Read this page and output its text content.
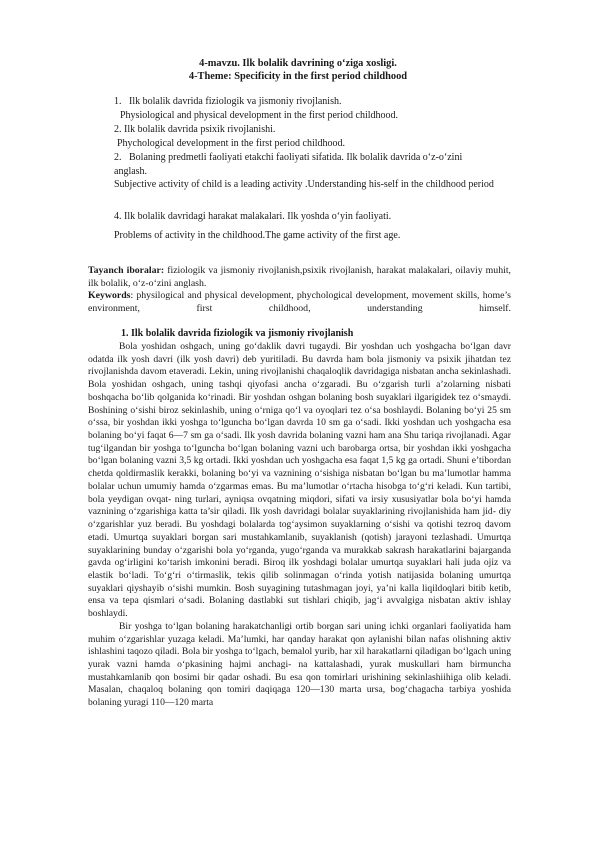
4-mavzu. Ilk bolalik davrining o‘ziga xosligi.
4-Theme: Specificity in the first period childhood
1. Ilk bolalik davrida fiziologik va jismoniy rivojlanish.
Physiological and physical development in the first period childhood.
2. Ilk bolalik davrida psixik rivojlanishi.
Phychological development in the first period childhood.
2. Bolaning predmetli faoliyati etakchi faoliyati sifatida. Ilk bolalik davrida o‘z-o‘zini anglash.
Subjective activity of child is a leading activity .Understanding his-self in the childhood period
4. Ilk bolalik davridagi harakat malakalari. Ilk yoshda o‘yin faoliyati.
Problems of activity in the childhood.The game activity of the first age.

Tayanch iboralar: fiziologik va jismoniy rivojlanish,psixik rivojlanish, harakat malakalari, oilaviy muhit, ilk bolalik, o‘z-o‘zini anglash.

Keywords: physilogical and physical development, phychological development, movement skills, home’s environment, first childhood, understanding himself.

1. Ilk bolalik davrida fiziologik va jismoniy rivojlanish

Bola yoshidan oshgach, uning go‘daklik davri tugaydi. Bir yoshdan uch yoshgacha bo‘lgan davr odatda ilk yosh davri (ilk yosh davri) deb yuritiladi. Bu davrda ham bola jismoniy va psixik jihatdan tez rivojlanishda davom etaveradi. Lekin, uning rivojlanishi chaqaloqlik davridagiga nisbatan ancha sekinlashadi. Bola yoshidan oshgach, uning tashqi qiyofasi ancha o‘zgaradi. Bu o‘zgarish turli a’zolarning nisbati boshqacha bo‘lib qolganida ko‘rinadi. Bir yoshdan oshgan bolaning bosh suyaklari ilgarigidek tez o‘smaydi. Boshining o‘sishi biroz sekinlashib, uning o‘rniga qo‘l va oyoqlari tez o‘sa boshlaydi. Bolaning bo‘yi 25 sm o‘ssa, bir yoshdan ikki yoshga to‘lguncha bo‘lgan davrda 10 sm ga o‘sadi. Ikki yoshdan uch yoshgacha esa bolaning bo‘yi faqat 6—7 sm ga o‘sadi. Ilk yosh davrida bolaning vazni ham ana Shu tariqa rivojlanadi. Agar tug‘ilgandan bir yoshga to‘lguncha bo‘lgan bolaning vazni uch barobarga ortsa, bir yoshdan ikki yoshgacha bo‘lgan bolaning vazni 3,5 kg ortadi. Ikki yoshdan uch yoshgacha esa faqat 1,5 kg ga ortadi. Shuni e’tibordan chetda qoldirmaslik kerakki, bolaning bo‘yi va vaznining o‘sishiga nisbatan bo‘lgan bu ma’lumotlar hamma bolalar uchun umumiy hamda o‘zgarmas emas. Bu ma’lumotlar o‘rtacha hisobga to‘g‘ri keladi. Kun tartibi, bola yeydigan ovqat- ning turlari, ayniqsa ovqatning miqdori, sifati va irsiy xususiyatlar bola bo‘yi hamda vaznining o‘zgarishiga katta ta’sir qiladi. Ilk yosh davridagi bolalar suyaklarining rivojlanishida ham jid- diy o‘zgarishlar yuz beradi. Bu yoshdagi bolalarda tog‘aysimon suyaklarning o‘sishi va qotishi tezroq davom etadi. Umurtqa suyaklari borgan sari mustahkamlanib, suyaklanish (qotish) jarayoni tezlashadi. Umurtqa suyaklarining bunday o‘zgarishi bola yo‘rganda, yugo‘rganda va murakkab sakrash harakatlarini bajarganda gavda og‘irligini ko‘tarish imkonini beradi. Biroq ilk yoshdagi bolalar umurtqa suyaklari hali juda ojiz va elastik bo‘ladi. To‘g‘ri o‘tirmaslik, tekis qilib solinmagan o‘rinda yotish natijasida bolaning umurtqa suyaklari qiyshayib o‘sishi mumkin. Bosh suyagining tutashmagan joyi, ya’ni kalla liqildoqlari bitib ketib, ensa va tepa qismlari o‘sadi. Bolaning dastlabki sut tishlari chiqib, jag‘i avvalgiga nisbatan aktiv ishlay boshlaydi.

Bir yoshga to‘lgan bolaning harakatchanligi ortib borgan sari uning ichki organlari faoliyatida ham muhim o‘zgarishlar yuzaga keladi. Ma’lumki, har qanday harakat qon aylanishi bilan nafas olishning aktiv ishlashini taqozo qiladi. Bola bir yoshga to‘lgach, bemalol yurib, har xil harakatlarni qiladigan bo‘lgach uning yurak vazni hamda o‘pkasining hajmi anchagi- na kattalashadi, yurak muskullari ham birmuncha mustahkamlanib qon bosimi bir qadar oshadi. Bu esa qon tomirlari urishining sekinlashiihiga olib keladi. Masalan, chaqaloq bolaning qon tomiri daqiqaga 120—130 marta ursa, bog‘chagacha tarbiya yoshida bolaning yuragi 110—120 marta
